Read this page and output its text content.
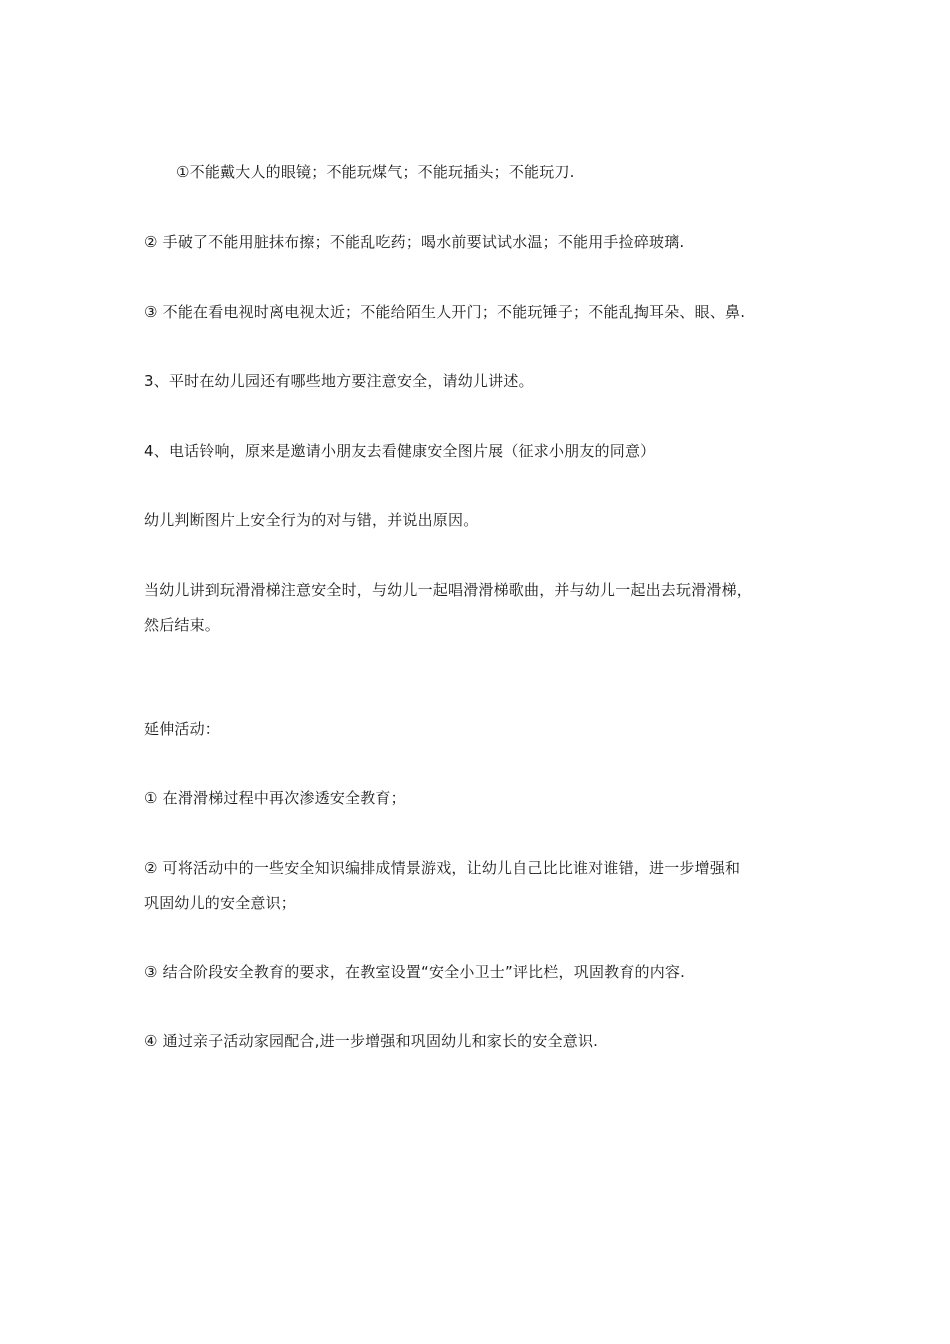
①不能戴大人的眼镜；不能玩煤气；不能玩插头；不能玩刀.
② 手破了不能用脏抹布擦；不能乱吃药；喝水前要试试水温；不能用手捡碎玻璃.
③ 不能在看电视时离电视太近；不能给陌生人开门；不能玩锤子；不能乱掏耳朵、眼、鼻.
3、平时在幼儿园还有哪些地方要注意安全，请幼儿讲述。
4、电话铃响，原来是邀请小朋友去看健康安全图片展（征求小朋友的同意）
幼儿判断图片上安全行为的对与错，并说出原因。
当幼儿讲到玩滑滑梯注意安全时，与幼儿一起唱滑滑梯歌曲，并与幼儿一起出去玩滑滑梯，
然后结束。
延伸活动：
① 在滑滑梯过程中再次渗透安全教育；
② 可将活动中的一些安全知识编排成情景游戏，让幼儿自己比比谁对谁错，进一步增强和
巩固幼儿的安全意识；
③ 结合阶段安全教育的要求，在教室设置“安全小卫士”评比栏，巩固教育的内容.
④ 通过亲子活动家园配合,进一步增强和巩固幼儿和家长的安全意识.
